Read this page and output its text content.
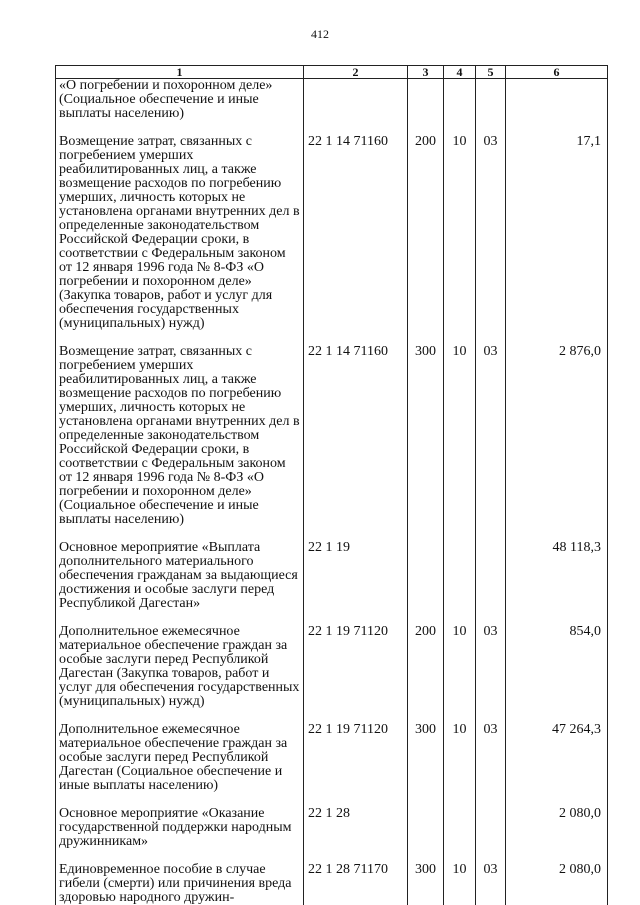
412
1	2	3	4	5	6
«О погребении и похоронном деле» (Социальное обеспечение и иные выплаты населению)					

Возмещение затрат, связанных с погребением умерших реабилитированных лиц, а также возмещение расходов по погребению умерших, личность которых не установлена органами внутренних дел в определенные законодательством Российской Федерации сроки, в соответствии с Федеральным законом от 12 января 1996 года № 8-ФЗ «О погребении и похоронном деле» (Закупка товаров, работ и услуг для обеспечения государственных (муниципальных) нужд)	22 1 14 71160	200	10	03	17,1

Возмещение затрат, связанных с погребением умерших реабилитированных лиц, а также возмещение расходов по погребению умерших, личность которых не установлена органами внутренних дел в определенные законодательством Российской Федерации сроки, в соответствии с Федеральным законом от 12 января 1996 года № 8-ФЗ «О погребении и похоронном деле» (Социальное обеспечение и иные выплаты населению)	22 1 14 71160	300	10	03	2 876,0

Основное мероприятие «Выплата дополнительного материального обеспечения гражданам за выдающиеся достижения и особые заслуги перед Республикой Дагестан»	22 1 19				48 118,3

Дополнительное ежемесячное материальное обеспечение граждан за особые заслуги перед Республикой Дагестан (Закупка товаров, работ и услуг для обеспечения государственных (муниципальных) нужд)	22 1 19 71120	200	10	03	854,0

Дополнительное ежемесячное материальное обеспечение граждан за особые заслуги перед Республикой Дагестан (Социальное обеспечение и иные выплаты населению)	22 1 19 71120	300	10	03	47 264,3

Основное мероприятие «Оказание государственной поддержки народным дружинникам»	22 1 28				2 080,0

Единовременное пособие в случае гибели (смерти) или причинения вреда здоровью народного дружин-	22 1 28 71170	300	10	03	2 080,0
